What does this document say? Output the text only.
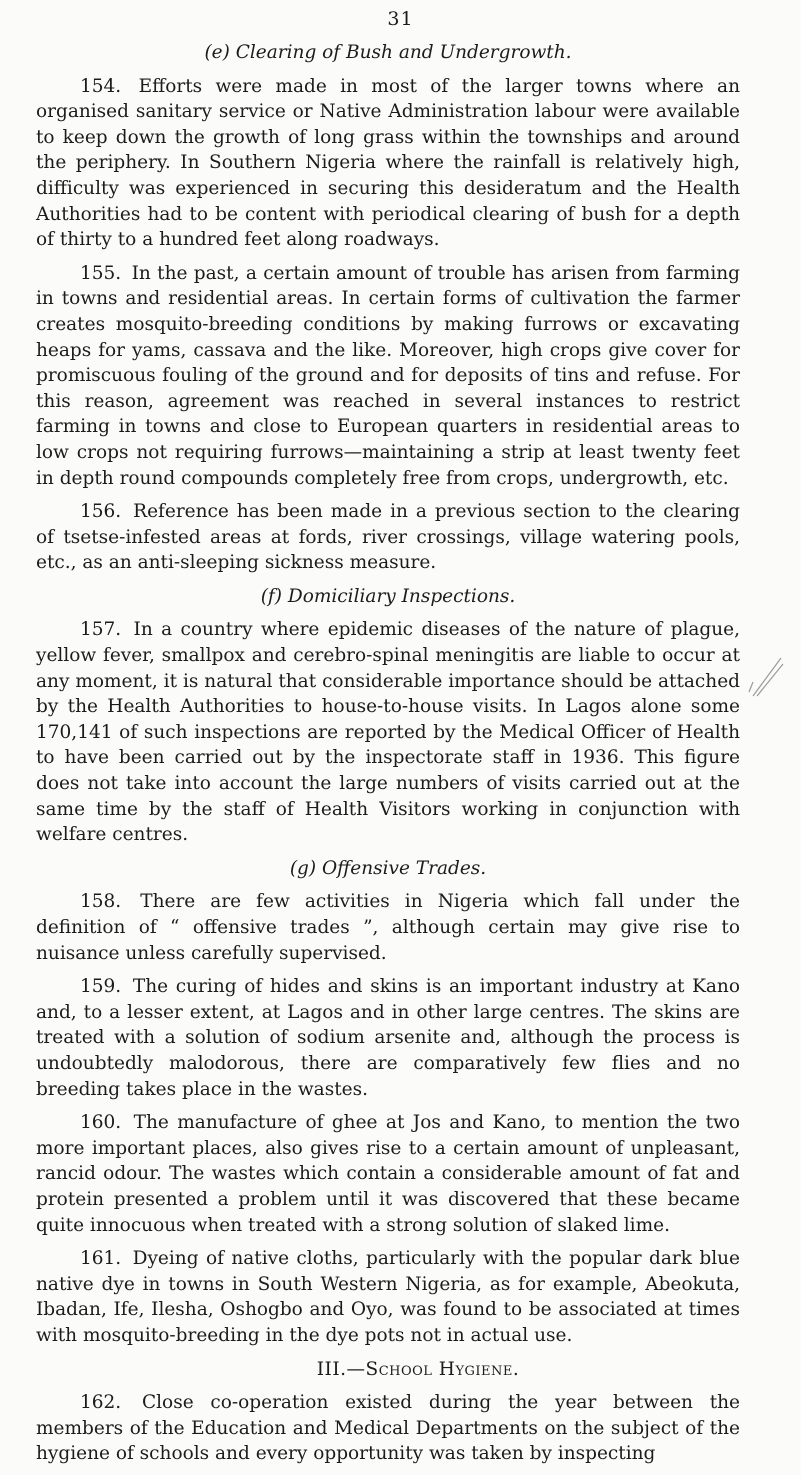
31
(e) Clearing of Bush and Undergrowth.

154. Efforts were made in most of the larger towns where an organised sanitary service or Native Administration labour were available to keep down the growth of long grass within the townships and around the periphery. In Southern Nigeria where the rainfall is relatively high, difficulty was experienced in securing this desideratum and the Health Authorities had to be content with periodical clearing of bush for a depth of thirty to a hundred feet along roadways.

155. In the past, a certain amount of trouble has arisen from farming in towns and residential areas. In certain forms of cultivation the farmer creates mosquito-breeding conditions by making furrows or excavating heaps for yams, cassava and the like. Moreover, high crops give cover for promiscuous fouling of the ground and for deposits of tins and refuse. For this reason, agreement was reached in several instances to restrict farming in towns and close to European quarters in residential areas to low crops not requiring furrows—maintaining a strip at least twenty feet in depth round compounds completely free from crops, undergrowth, etc.

156. Reference has been made in a previous section to the clearing of tsetse-infested areas at fords, river crossings, village watering pools, etc., as an anti-sleeping sickness measure.

(f) Domiciliary Inspections.

157. In a country where epidemic diseases of the nature of plague, yellow fever, smallpox and cerebro-spinal meningitis are liable to occur at any moment, it is natural that considerable importance should be attached by the Health Authorities to house-to-house visits. In Lagos alone some 170,141 of such inspections are reported by the Medical Officer of Health to have been carried out by the inspectorate staff in 1936. This figure does not take into account the large numbers of visits carried out at the same time by the staff of Health Visitors working in conjunction with welfare centres.

(g) Offensive Trades.

158. There are few activities in Nigeria which fall under the definition of “ offensive trades ”, although certain may give rise to nuisance unless carefully supervised.

159. The curing of hides and skins is an important industry at Kano and, to a lesser extent, at Lagos and in other large centres. The skins are treated with a solution of sodium arsenite and, although the process is undoubtedly malodorous, there are comparatively few flies and no breeding takes place in the wastes.

160. The manufacture of ghee at Jos and Kano, to mention the two more important places, also gives rise to a certain amount of unpleasant, rancid odour. The wastes which contain a considerable amount of fat and protein presented a problem until it was discovered that these became quite innocuous when treated with a strong solution of slaked lime.

161. Dyeing of native cloths, particularly with the popular dark blue native dye in towns in South Western Nigeria, as for example, Abeokuta, Ibadan, Ife, Ilesha, Oshogbo and Oyo, was found to be associated at times with mosquito-breeding in the dye pots not in actual use.

III.—School Hygiene.

162. Close co-operation existed during the year between the members of the Education and Medical Departments on the subject of the hygiene of schools and every opportunity was taken by inspecting
